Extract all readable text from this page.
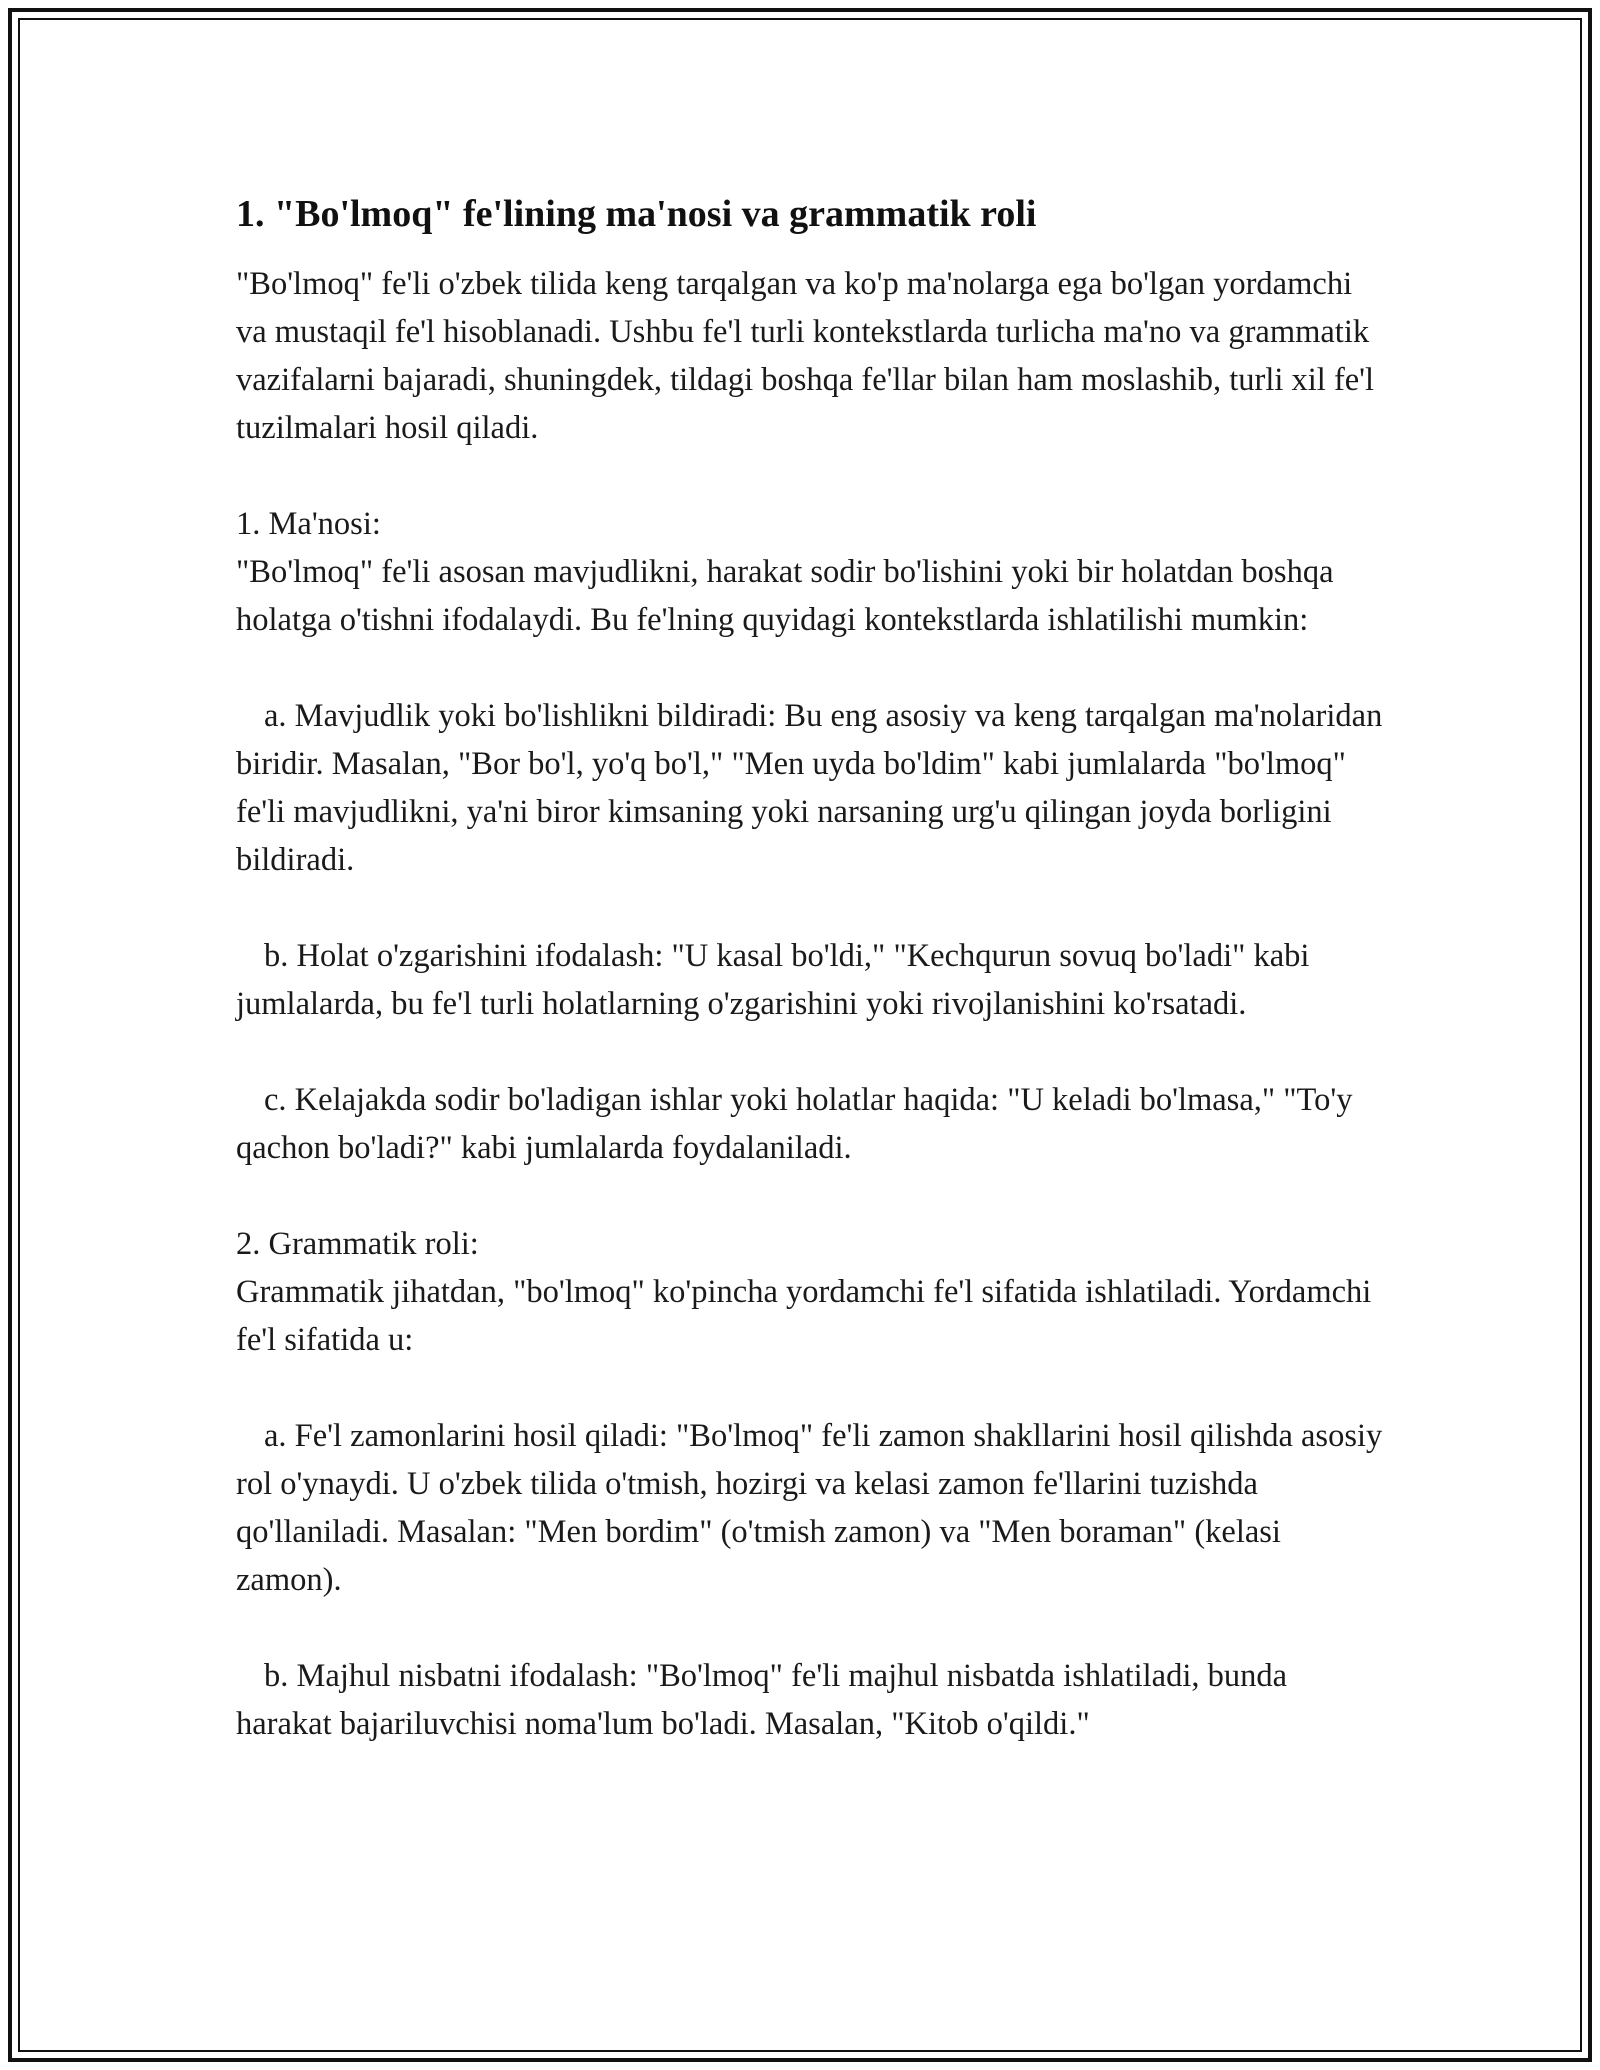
1. "Bo'lmoq" fe'lining ma'nosi va grammatik roli

"Bo'lmoq" fe'li o'zbek tilida keng tarqalgan va ko'p ma'nolarga ega bo'lgan yordamchi va mustaqil fe'l hisoblanadi. Ushbu fe'l turli kontekstlarda turlicha ma'no va grammatik vazifalarni bajaradi, shuningdek, tildagi boshqa fe'llar bilan ham moslashib, turli xil fe'l tuzilmalari hosil qiladi.

1. Ma'nosi:

"Bo'lmoq" fe'li asosan mavjudlikni, harakat sodir bo'lishini yoki bir holatdan boshqa holatga o'tishni ifodalaydi. Bu fe'lning quyidagi kontekstlarda ishlatilishi mumkin:

a. Mavjudlik yoki bo'lishlikni bildiradi: Bu eng asosiy va keng tarqalgan ma'nolaridan biridir. Masalan, "Bor bo'l, yo'q bo'l," "Men uyda bo'ldim" kabi jumlalarda "bo'lmoq" fe'li mavjudlikni, ya'ni biror kimsaning yoki narsaning urg'u qilingan joyda borligini bildiradi.

b. Holat o'zgarishini ifodalash: "U kasal bo'ldi," "Kechqurun sovuq bo'ladi" kabi jumlalarda, bu fe'l turli holatlarning o'zgarishini yoki rivojlanishini ko'rsatadi.

c. Kelajakda sodir bo'ladigan ishlar yoki holatlar haqida: "U keladi bo'lmasa," "To'y qachon bo'ladi?" kabi jumlalarda foydalaniladi.

2. Grammatik roli:

Grammatik jihatdan, "bo'lmoq" ko'pincha yordamchi fe'l sifatida ishlatiladi. Yordamchi fe'l sifatida u:

a. Fe'l zamonlarini hosil qiladi: "Bo'lmoq" fe'li zamon shakllarini hosil qilishda asosiy rol o'ynaydi. U o'zbek tilida o'tmish, hozirgi va kelasi zamon fe'llarini tuzishda qo'llaniladi. Masalan: "Men bordim" (o'tmish zamon) va "Men boraman" (kelasi zamon).

b. Majhul nisbatni ifodalash: "Bo'lmoq" fe'li majhul nisbatda ishlatiladi, bunda harakat bajariluvchisi noma'lum bo'ladi. Masalan, "Kitob o'qildi."
